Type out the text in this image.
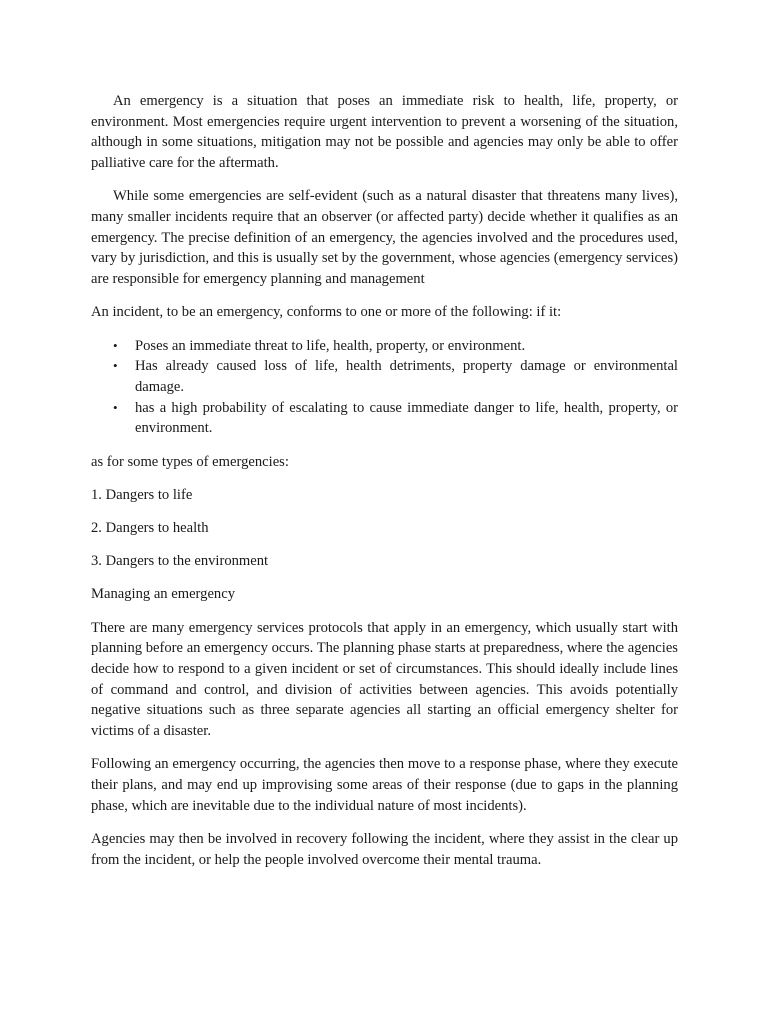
An emergency is a situation that poses an immediate risk to health, life, property, or environment. Most emergencies require urgent intervention to prevent a worsening of the situation, although in some situations, mitigation may not be possible and agencies may only be able to offer palliative care for the aftermath.

While some emergencies are self-evident (such as a natural disaster that threatens many lives), many smaller incidents require that an observer (or affected party) decide whether it qualifies as an emergency. The precise definition of an emergency, the agencies involved and the procedures used, vary by jurisdiction, and this is usually set by the government, whose agencies (emergency services) are responsible for emergency planning and management

An incident, to be an emergency, conforms to one or more of the following: if it:

• Poses an immediate threat to life, health, property, or environment.
• Has already caused loss of life, health detriments, property damage or environmental damage.
• has a high probability of escalating to cause immediate danger to life, health, property, or environment.

as for some types of emergencies:

1. Dangers to life

2. Dangers to health

3. Dangers to the environment

Managing an emergency

There are many emergency services protocols that apply in an emergency, which usually start with planning before an emergency occurs. The planning phase starts at preparedness, where the agencies decide how to respond to a given incident or set of circumstances. This should ideally include lines of command and control, and division of activities between agencies. This avoids potentially negative situations such as three separate agencies all starting an official emergency shelter for victims of a disaster.

Following an emergency occurring, the agencies then move to a response phase, where they execute their plans, and may end up improvising some areas of their response (due to gaps in the planning phase, which are inevitable due to the individual nature of most incidents).

Agencies may then be involved in recovery following the incident, where they assist in the clear up from the incident, or help the people involved overcome their mental trauma.
